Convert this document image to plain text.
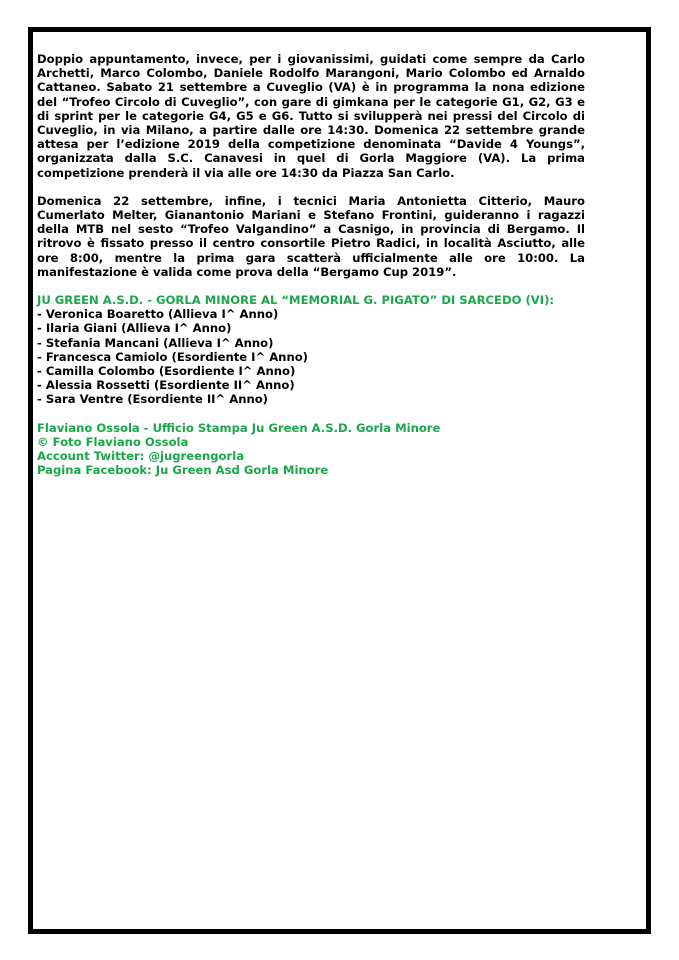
Doppio appuntamento, invece, per i giovanissimi, guidati come sempre da Carlo Archetti, Marco Colombo, Daniele Rodolfo Marangoni, Mario Colombo ed Arnaldo Cattaneo. Sabato 21 settembre a Cuveglio (VA) è in programma la nona edizione del “Trofeo Circolo di Cuveglio”, con gare di gimkana per le categorie G1, G2, G3 e di sprint per le categorie G4, G5 e G6. Tutto si svilupperà nei pressi del Circolo di Cuveglio, in via Milano, a partire dalle ore 14:30. Domenica 22 settembre grande attesa per l’edizione 2019 della competizione denominata “Davide 4 Youngs”, organizzata dalla S.C. Canavesi in quel di Gorla Maggiore (VA). La prima competizione prenderà il via alle ore 14:30 da Piazza San Carlo.

Domenica 22 settembre, infine, i tecnici Maria Antonietta Citterio, Mauro Cumerlato Melter, Gianantonio Mariani e Stefano Frontini, guideranno i ragazzi della MTB nel sesto “Trofeo Valgandino” a Casnigo, in provincia di Bergamo. Il ritrovo è fissato presso il centro consortile Pietro Radici, in località Asciutto, alle ore 8:00, mentre la prima gara scatterà ufficialmente alle ore 10:00. La manifestazione è valida come prova della “Bergamo Cup 2019”.

JU GREEN A.S.D. - GORLA MINORE AL “MEMORIAL G. PIGATO” DI SARCEDO (VI):
- Veronica Boaretto (Allieva I^ Anno)
- Ilaria Giani (Allieva I^ Anno)
- Stefania Mancani (Allieva I^ Anno)
- Francesca Camiolo (Esordiente I^ Anno)
- Camilla Colombo (Esordiente I^ Anno)
- Alessia Rossetti (Esordiente II^ Anno)
- Sara Ventre (Esordiente II^ Anno)
Flaviano Ossola - Ufficio Stampa Ju Green A.S.D. Gorla Minore
© Foto Flaviano Ossola
Account Twitter: @jugreengorla
Pagina Facebook: Ju Green Asd Gorla Minore
